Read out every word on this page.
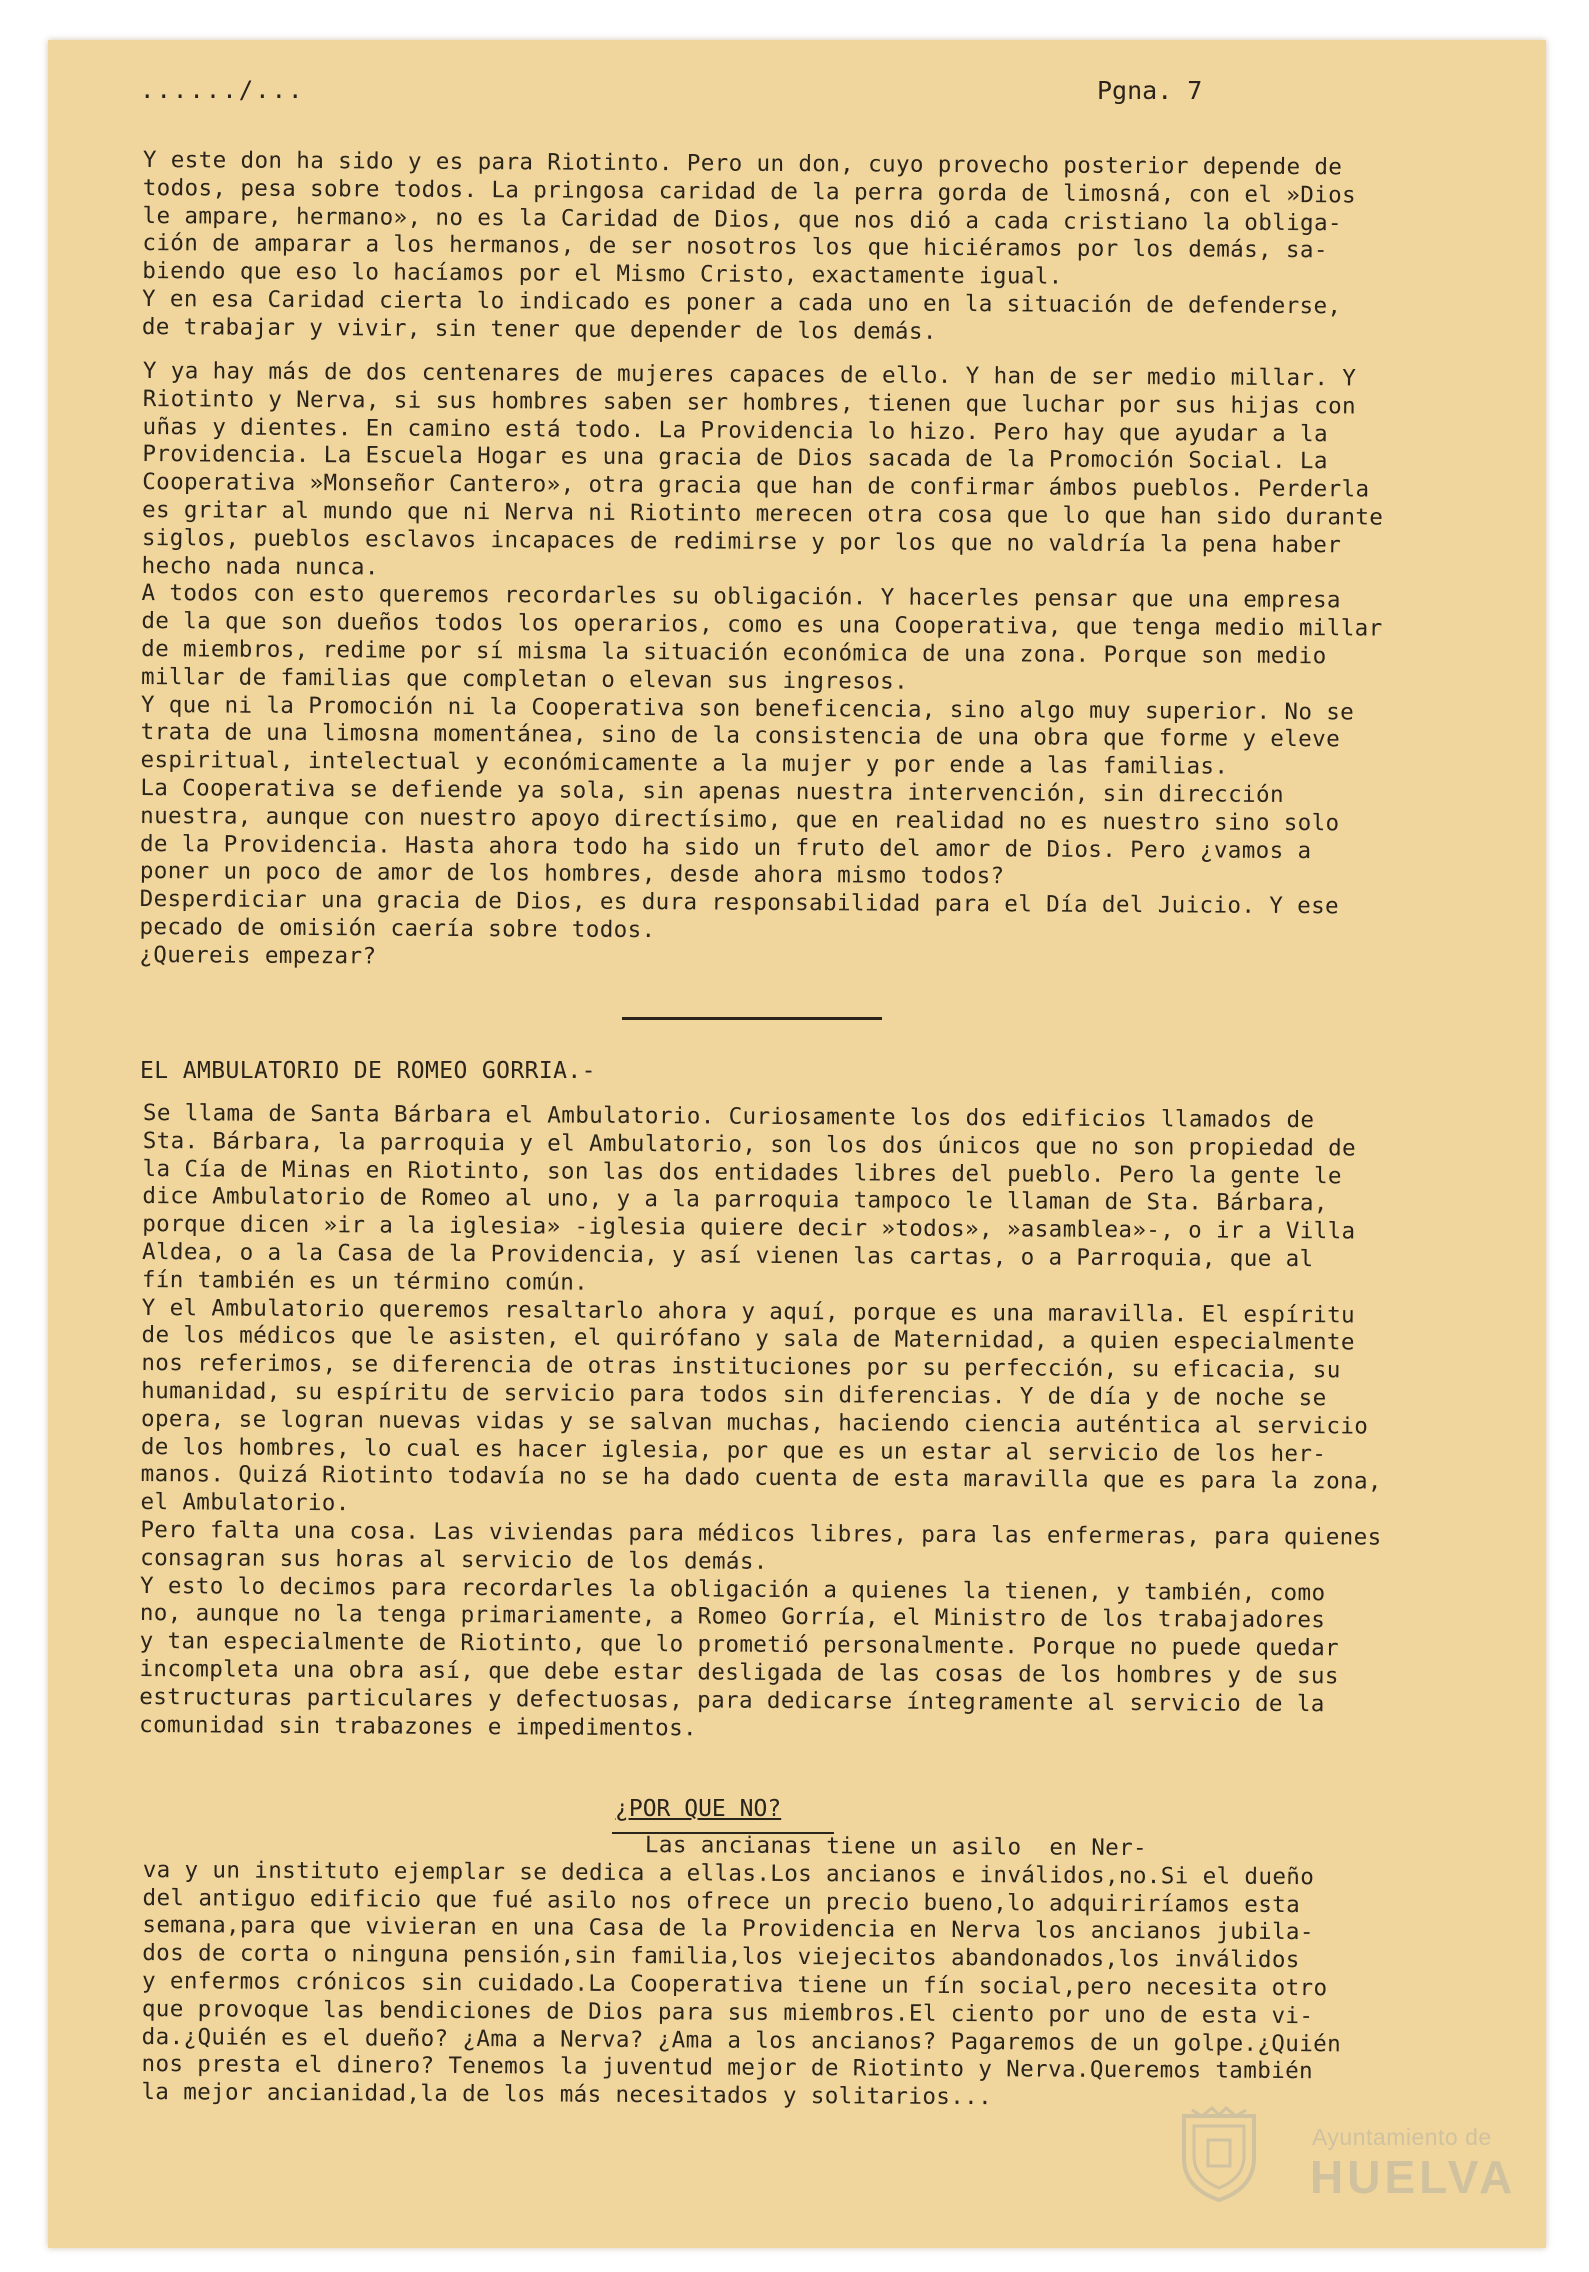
....../...	Pgna. 7

Y este don ha sido y es para Riotinto. Pero un don, cuyo provecho posterior depende de

todos, pesa sobre todos. La pringosa caridad de la perra gorda de limosná, con el »Dios

le ampare, hermano», no es la Caridad de Dios, que nos dió a cada cristiano la obliga-

ción de amparar a los hermanos, de ser nosotros los que hiciéramos por los demás, sa-

biendo que eso lo hacíamos por el Mismo Cristo, exactamente igual.

Y en esa Caridad cierta lo indicado es poner a cada uno en la situación de defenderse,

de trabajar y vivir, sin tener que depender de los demás.

Y ya hay más de dos centenares de mujeres capaces de ello. Y han de ser medio millar. Y

Riotinto y Nerva, si sus hombres saben ser hombres, tienen que luchar por sus hijas con

uñas y dientes. En camino está todo. La Providencia lo hizo. Pero hay que ayudar a la

Providencia. La Escuela Hogar es una gracia de Dios sacada de la Promoción Social. La

Cooperativa »Monseñor Cantero», otra gracia que han de confirmar ámbos pueblos. Perderla

es gritar al mundo que ni Nerva ni Riotinto merecen otra cosa que lo que han sido durante

siglos, pueblos esclavos incapaces de redimirse y por los que no valdría la pena haber

hecho nada nunca.

A todos con esto queremos recordarles su obligación. Y hacerles pensar que una empresa

de la que son dueños todos los operarios, como es una Cooperativa, que tenga medio millar

de miembros, redime por sí misma la situación económica de una zona. Porque son medio

millar de familias que completan o elevan sus ingresos.

Y que ni la Promoción ni la Cooperativa son beneficencia, sino algo muy superior. No se

trata de una limosna momentánea, sino de la consistencia de una obra que forme y eleve

espiritual, intelectual y económicamente a la mujer y por ende a las familias.

La Cooperativa se defiende ya sola, sin apenas nuestra intervención, sin dirección

nuestra, aunque con nuestro apoyo directísimo, que en realidad no es nuestro sino solo

de la Providencia. Hasta ahora todo ha sido un fruto del amor de Dios. Pero ¿vamos a

poner un poco de amor de los hombres, desde ahora mismo todos?

Desperdiciar una gracia de Dios, es dura responsabilidad para el Día del Juicio. Y ese

pecado de omisión caería sobre todos.

¿Quereis empezar?

EL AMBULATORIO DE ROMEO GORRIA.-

Se llama de Santa Bárbara el Ambulatorio. Curiosamente los dos edificios llamados de

Sta. Bárbara, la parroquia y el Ambulatorio, son los dos únicos que no son propiedad de

la Cía de Minas en Riotinto, son las dos entidades libres del pueblo. Pero la gente le

dice Ambulatorio de Romeo al uno, y a la parroquia tampoco le llaman de Sta. Bárbara,

porque dicen »ir a la iglesia» -iglesia quiere decir »todos», »asamblea»-, o ir a Villa

Aldea, o a la Casa de la Providencia, y así vienen las cartas, o a Parroquia, que al

fín también es un término común.

Y el Ambulatorio queremos resaltarlo ahora y aquí, porque es una maravilla. El espíritu

de los médicos que le asisten, el quirófano y sala de Maternidad, a quien especialmente

nos referimos, se diferencia de otras instituciones por su perfección, su eficacia, su

humanidad, su espíritu de servicio para todos sin diferencias. Y de día y de noche se

opera, se logran nuevas vidas y se salvan muchas, haciendo ciencia auténtica al servicio

de los hombres, lo cual es hacer iglesia, por que es un estar al servicio de los her-

manos. Quizá Riotinto todavía no se ha dado cuenta de esta maravilla que es para la zona,

el Ambulatorio.

Pero falta una cosa. Las viviendas para médicos libres, para las enfermeras, para quienes

consagran sus horas al servicio de los demás.

Y esto lo decimos para recordarles la obligación a quienes la tienen, y también, como

no, aunque no la tenga primariamente, a Romeo Gorría, el Ministro de los trabajadores

y tan especialmente de Riotinto, que lo prometió personalmente. Porque no puede quedar

incompleta una obra así, que debe estar desligada de las cosas de los hombres y de sus

estructuras particulares y defectuosas, para dedicarse íntegramente al servicio de la

comunidad sin trabazones e impedimentos.

¿POR QUE NO?

Las ancianas tiene un asilo  en Ner-

va y un instituto ejemplar se dedica a ellas.Los ancianos e inválidos,no.Si el dueño

del antiguo edificio que fué asilo nos ofrece un precio bueno,lo adquiriríamos esta

semana,para que vivieran en una Casa de la Providencia en Nerva los ancianos jubila-

dos de corta o ninguna pensión,sin familia,los viejecitos abandonados,los inválidos

y enfermos crónicos sin cuidado.La Cooperativa tiene un fín social,pero necesita otro

que provoque las bendiciones de Dios para sus miembros.El ciento por uno de esta vi-

da.¿Quién es el dueño? ¿Ama a Nerva? ¿Ama a los ancianos? Pagaremos de un golpe.¿Quién

nos presta el dinero? Tenemos la juventud mejor de Riotinto y Nerva.Queremos también

la mejor ancianidad,la de los más necesitados y solitarios...

Ayuntamiento de
HUELVA
